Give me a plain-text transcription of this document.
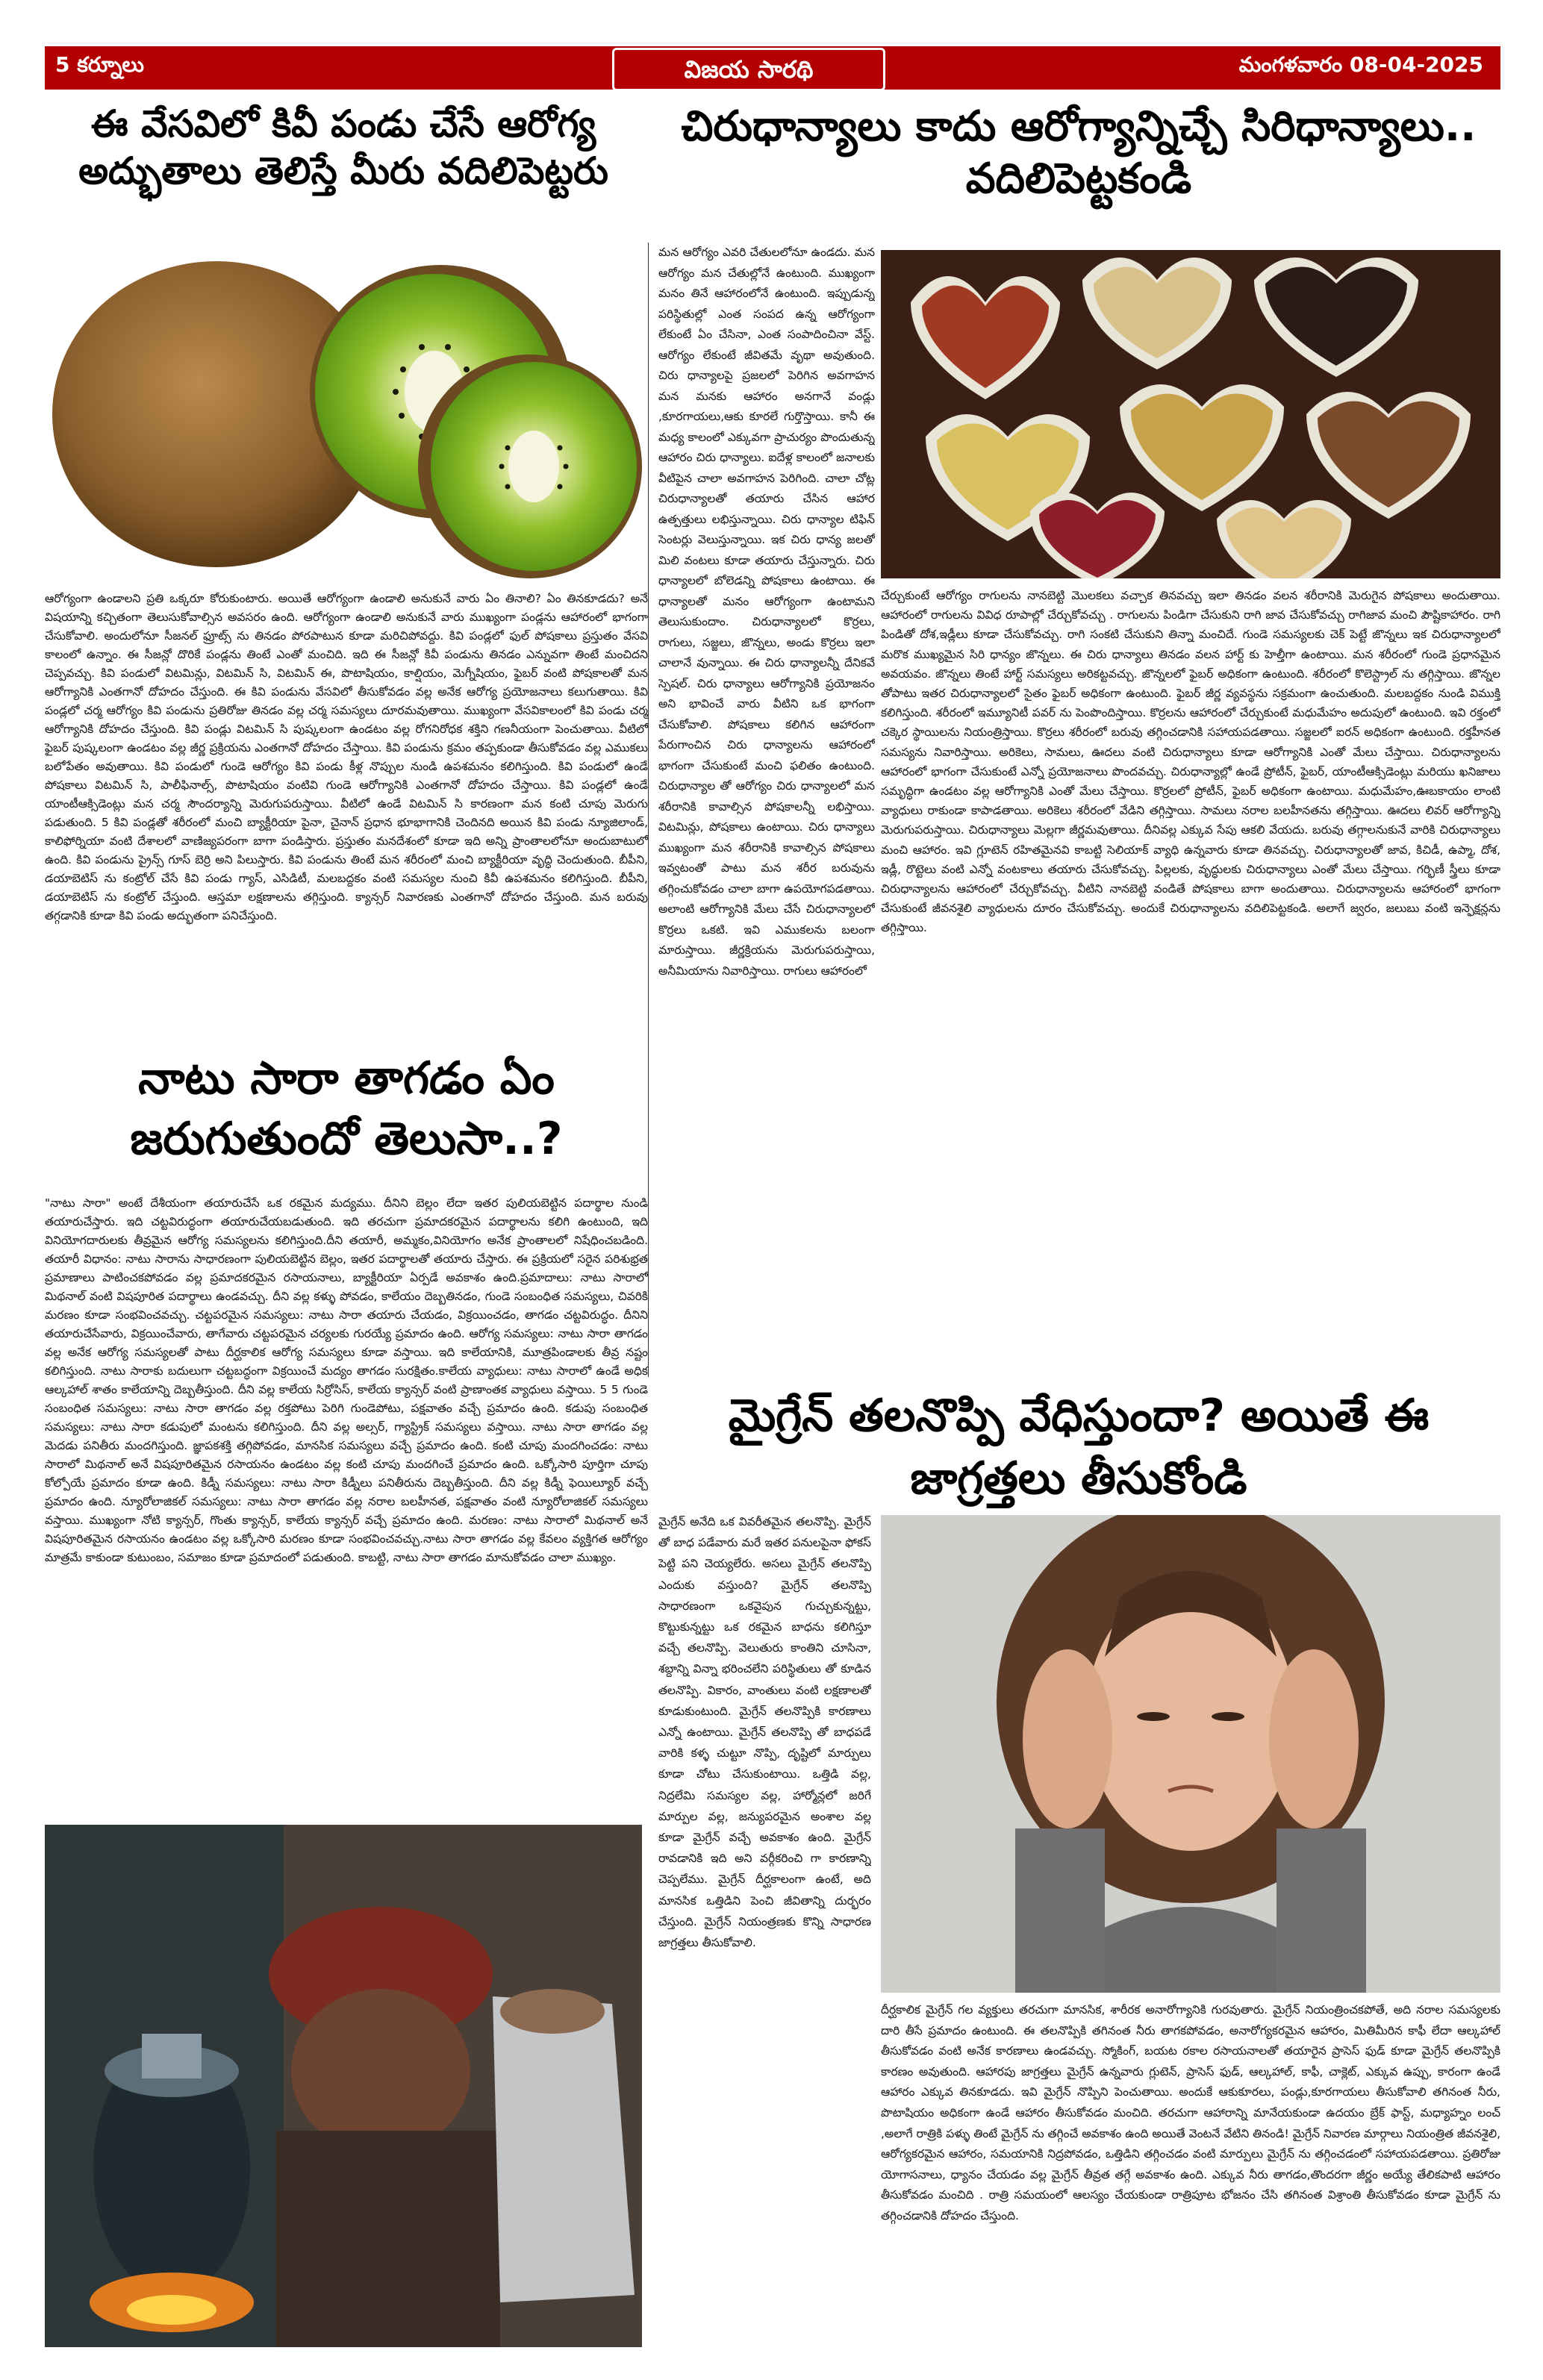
5 కర్నూలు	విజయ సారథి	మంగళవారం 08-04-2025
ఈ వేసవిలో కివీ పండు చేసే ఆరోగ్య అద్భుతాలు తెలిస్తే మీరు వదిలిపెట్టరు
ఆరోగ్యంగా ఉండాలని ప్రతి ఒక్కరూ కోరుకుంటారు. అయితే ఆరోగ్యంగా ఉండాలి అనుకునే వారు ఏం తినాలి? ఏం తినకూడదు? అనే విషయాన్ని కచ్చితంగా తెలుసుకోవాల్సిన అవసరం ఉంది. ఆరోగ్యంగా ఉండాలి అనుకునే వారు ముఖ్యంగా పండ్లను ఆహారంలో భాగంగా చేసుకోవాలి. అందులోనూ సీజనల్ ఫ్రూట్స్ ను తినడం పోరపాటున కూడా మరిచిపోవద్దు. కివి పండ్లలో ఫుల్ పోషకాలు ప్రస్తుతం వేసవి కాలంలో ఉన్నాం. ఈ సీజన్లో దొరికే పండ్లను తింటే ఎంతో మంచిది. ఇది ఈ సీజన్లో కివీ పండును తినడం ఎన్నువగా తింటే మంచిదని చెప్పవచ్చు. కివి పండులో విటమిన్లు, విటమిన్ సి, విటమిన్ ఈ, పొటాషియం, కాల్షియం, మెగ్నీషియం, ఫైబర్ వంటి పోషకాలతో మన ఆరోగ్యానికి ఎంతగానో దోహదం చేస్తుంది. ఈ కివి పండును వేసవిలో తీసుకోవడం వల్ల అనేక ఆరోగ్య ప్రయోజనాలు కలుగుతాయి. కివి పండ్లలో చర్మ ఆరోగ్యం కివి పండును ప్రతిరోజు తినడం వల్ల చర్మ సమస్యలు దూరమవుతాయి. ముఖ్యంగా వేసవికాలంలో కివి పండు చర్మ ఆరోగ్యానికి దోహదం చేస్తుంది. కివి పండ్లు విటమిన్ సి పుష్కలంగా ఉండటం వల్ల రోగనిరోధక శక్తిని గణనీయంగా పెంచుతాయి. వీటిలో ఫైబర్ పుష్కలంగా ఉండటం వల్ల జీర్ణ ప్రక్రియను ఎంతగానో దోహదం చేస్తాయి. కివి పండును క్రమం తప్పకుండా తీసుకోవడం వల్ల ఎముకలు బలోపేతం అవుతాయి. కివి పండులో గుండె ఆరోగ్యం కివి పండు కీళ్ల నొప్పుల నుండి ఉపశమనం కలిగిస్తుంది. కివి పండులో ఉండే పోషకాలు విటమిన్ సి, పాలీఫినాల్స్, పొటాషియం వంటివి గుండె ఆరోగ్యానికి ఎంతగానో దోహదం చేస్తాయి. కివి పండ్లలో ఉండే యాంటీఆక్సిడెంట్లు మన చర్మ సౌందర్యాన్ని మెరుగుపరుస్తాయి. వీటిలో ఉండే విటమిన్ సి కారణంగా మన కంటి చూపు మెరుగు పడుతుంది. 5 కివి పండ్లతో శరీరంలో మంచి బ్యాక్టీరియా పైనా, చైనాన్ ప్రధాన భూభాగానికి చెందినది అయిన కివి పండు న్యూజిలాండ్, కాలిఫోర్నియా వంటి దేశాలలో వాణిజ్యపరంగా బాగా పండిస్తారు. ప్రస్తుతం మనదేశంలో కూడా ఇది అన్ని ప్రాంతాలలోనూ అందుబాటులో ఉంది. కివి పండును ప్రైన్స్ గూస్ బెర్రి అని పిలుస్తారు. కివి పండును తింటే మన శరీరంలో మంచి బ్యాక్టీరియా వృద్ధి చెందుతుంది. బీపీని, డయాబెటిస్ ను కంట్రోల్ చేసే కివి పండు గ్యాస్, ఎసిడిటీ, మలబద్దకం వంటి సమస్యల నుంచి కివీ ఉపశమనం కలిగిస్తుంది. బీపీని, డయాబెటిస్ ను కంట్రోల్ చేస్తుంది. ఆస్తమా లక్షణాలను తగ్గిస్తుంది. క్యాన్సర్ నివారణకు ఎంతగానో దోహదం చేస్తుంది. మన బరువు తగ్గడానికి కూడా కివి పండు అద్భుతంగా పనిచేస్తుంది.
నాటు సారా తాగడం ఏం జరుగుతుందో తెలుసా..?
"నాటు సారా" అంటే దేశీయంగా తయారుచేసే ఒక రకమైన మద్యము. దీనిని బెల్లం లేదా ఇతర పులియబెట్టిన పదార్థాల నుండి తయారుచేస్తారు. ఇది చట్టవిరుద్ధంగా తయారుచేయబడుతుంది. ఇది తరచుగా ప్రమాదకరమైన పదార్థాలను కలిగి ఉంటుంది, ఇది వినియోగదారులకు తీవ్రమైన ఆరోగ్య సమస్యలను కలిగిస్తుంది.దీని తయారీ, అమ్మకం,వినియోగం అనేక ప్రాంతాలలో నిషేధించబడింది. తయారీ విధానం: నాటు సారాను సాధారణంగా పులియబెట్టిన బెల్లం, ఇతర పదార్థాలతో తయారు చేస్తారు. ఈ ప్రక్రియలో సరైన పరిశుభ్రత ప్రమాణాలు పాటించకపోవడం వల్ల ప్రమాదకరమైన రసాయనాలు, బ్యాక్టీరియా ఏర్పడే అవకాశం ఉంది.ప్రమాదాలు: నాటు సారాలో మిథనాల్ వంటి విషపూరిత పదార్థాలు ఉండవచ్చు. దీని వల్ల కళ్ళు పోవడం, కాలేయం దెబ్బతినడం, గుండె సంబంధిత సమస్యలు, చివరికి మరణం కూడా సంభవించవచ్చు. చట్టపరమైన సమస్యలు: నాటు సారా తయారు చేయడం, విక్రయించడం, తాగడం చట్టవిరుద్ధం. దీనిని తయారుచేసేవారు, విక్రయించేవారు, తాగేవారు చట్టపరమైన చర్యలకు గురయ్యే ప్రమాదం ఉంది. ఆరోగ్య సమస్యలు: నాటు సారా తాగడం వల్ల అనేక ఆరోగ్య సమస్యలతో పాటు దీర్ఘకాలిక ఆరోగ్య సమస్యలు కూడా వస్తాయి. ఇది కాలేయానికి, మూత్రపిండాలకు తీవ్ర నష్టం కలిగిస్తుంది. నాటు సారాకు బదులుగా చట్టబద్ధంగా విక్రయించే మద్యం తాగడం సురక్షితం.కాలేయ వ్యాధులు: నాటు సారాలో ఉండే అధిక ఆల్కహాల్ శాతం కాలేయాన్ని దెబ్బతీస్తుంది. దీని వల్ల కాలేయ సిర్రోసిస్, కాలేయ క్యాన్సర్ వంటి ప్రాణాంతక వ్యాధులు వస్తాయి. 5 5 గుండె సంబంధిత సమస్యలు: నాటు సారా తాగడం వల్ల రక్తపోటు పెరిగి గుండెపోటు, పక్షవాతం వచ్చే ప్రమాదం ఉంది. కడుపు సంబంధిత సమస్యలు: నాటు సారా కడుపులో మంటను కలిగిస్తుంది. దీని వల్ల అల్సర్, గ్యాస్ట్రిక్ సమస్యలు వస్తాయి. నాటు సారా తాగడం వల్ల మెదడు పనితీరు మందగిస్తుంది. జ్ఞాపకశక్తి తగ్గిపోవడం, మానసిక సమస్యలు వచ్చే ప్రమాదం ఉంది. కంటి చూపు మందగించడం: నాటు సారాలో మిథనాల్ అనే విషపూరితమైన రసాయనం ఉండటం వల్ల కంటి చూపు మందగించే ప్రమాదం ఉంది. ఒక్కోసారి పూర్తిగా చూపు కోల్పోయే ప్రమాదం కూడా ఉంది. కిడ్నీ సమస్యలు: నాటు సారా కిడ్నీలు పనితీరును దెబ్బతీస్తుంది. దీని వల్ల కిడ్నీ ఫెయిల్యూర్ వచ్చే ప్రమాదం ఉంది. న్యూరోలాజికల్ సమస్యలు: నాటు సారా తాగడం వల్ల నరాల బలహీనత, పక్షవాతం వంటి న్యూరోలాజికల్ సమస్యలు వస్తాయి. ముఖ్యంగా నోటి క్యాన్సర్, గొంతు క్యాన్సర్, కాలేయ క్యాన్సర్ వచ్చే ప్రమాదం ఉంది. మరణం: నాటు సారాలో మిథనాల్ అనే విషపూరితమైన రసాయనం ఉండటం వల్ల ఒక్కోసారి మరణం కూడా సంభవించవచ్చు.నాటు సారా తాగడం వల్ల కేవలం వ్యక్తిగత ఆరోగ్యం మాత్రమే కాకుండా కుటుంబం, సమాజం కూడా ప్రమాదంలో పడుతుంది. కాబట్టి, నాటు సారా తాగడం మానుకోవడం చాలా ముఖ్యం.
చిరుధాన్యాలు కాదు ఆరోగ్యాన్నిచ్చే సిరిధాన్యాలు.. వదిలిపెట్టకండి
మన ఆరోగ్యం ఎవరి చేతులలోనూ ఉండదు. మన ఆరోగ్యం మన చేతుల్లోనే ఉంటుంది. ముఖ్యంగా మనం తినే ఆహారంలోనే ఉంటుంది. ఇప్పుడున్న పరిస్థితుల్లో ఎంత సంపద ఉన్న ఆరోగ్యంగా లేకుంటే ఏం చేసినా, ఎంత సంపాదించినా వేస్ట్. ఆరోగ్యం లేకుంటే జీవితమే వృథా అవుతుంది. చిరు ధాన్యాలపై ప్రజలలో పెరిగిన అవగాహన మన మనకు ఆహారం అనగానే వండ్లు ,కూరగాయలు,ఆకు కూరలే గుర్తొస్తాయి. కానీ ఈ మధ్య కాలంలో ఎక్కువగా ప్రాచుర్యం పొందుతున్న ఆహారం చిరు ధాన్యాలు. ఐదేళ్ల కాలంలో జనాలకు వీటిపైన చాలా అవగాహన పెరిగింది. చాలా చోట్ల చిరుధాన్యాలతో తయారు చేసిన ఆహార ఉత్పత్తులు లభిస్తున్నాయి. చిరు ధాన్యాల టిఫిన్ సెంటర్లు వెలుస్తున్నాయి. ఇక చిరు ధాన్య జలతో మిలి వంటలు కూడా తయారు చేస్తున్నారు. చిరు ధాన్యాలలో బోలెడన్ని పోషకాలు ఉంటాయి. ఈ ధాన్యాలతో మనం ఆరోగ్యంగా ఉంటామని తెలుసుకుందాం. చిరుధాన్యాలలో కొర్రలు, రాగులు, సజ్జలు, జొన్నలు, అండు కొర్రలు ఇలా చాలానే వున్నాయి. ఈ చిరు ధాన్యాలన్నీ దేనికవే స్పెషల్. చిరు ధాన్యాలు ఆరోగ్యానికి ప్రయోజనం అని భావించే వారు వీటిని ఒక భాగంగా చేసుకోవాలి. పోషకాలు కలిగిన ఆహారంగా పేరుగాంచిన చిరు ధాన్యాలను ఆహారంలో భాగంగా చేసుకుంటే మంచి ఫలితం ఉంటుంది. చిరుధాన్యాల తో ఆరోగ్యం చిరు ధాన్యాలలో మన శరీరానికి కావాల్సిన పోషకాలన్నీ లభిస్తాయి. విటమిన్లు, పోషకాలు ఉంటాయి. చిరు ధాన్యాలు ముఖ్యంగా మన శరీరానికి కావాల్సిన పోషకాలు ఇవ్వటంతో పాటు మన శరీర బరువును తగ్గించుకోవడం చాలా బాగా ఉపయోగపడతాయి. అలాంటి ఆరోగ్యానికి మేలు చేసే చిరుధాన్యాలలో కొర్రలు ఒకటి. ఇవి ఎముకలను బలంగా మారుస్తాయి. జీర్ణక్రియను మెరుగుపరుస్తాయి, అనీమియాను నివారిస్తాయి. రాగులు ఆహారంలో
చేర్చుకుంటే ఆరోగ్యం రాగులను నానబెట్టి మొలకలు వచ్చాక తినవచ్చు ఇలా తినడం వలన శరీరానికి మెరుగైన పోషకాలు అందుతాయి. ఆహారంలో రాగులను వివిధ రూపాల్లో చేర్చుకోవచ్చు . రాగులను పిండిగా చేసుకుని రాగి జావ చేసుకోవచ్చు రాగిజావ మంచి పౌష్టికాహారం. రాగి పిండితో దోశ,ఇడ్లీలు కూడా చేసుకోవచ్చు. రాగి సంకటి చేసుకుని తిన్నా మంచిదే. గుండె సమస్యలకు చెక్ పెట్టే జొన్నలు ఇక చిరుధాన్యాలలో మరొక ముఖ్యమైన సిరి ధాన్యం జొన్నలు. ఈ చిరు ధాన్యాలు తినడం వలన హార్ట్ కు హెల్తీగా ఉంటాయి. మన శరీరంలో గుండె ప్రధానమైన అవయవం. జొన్నలు తింటే హార్ట్ సమస్యలు అరికట్టవచ్చు. జొన్నలలో ఫైబర్ అధికంగా ఉంటుంది. శరీరంలో కొలెస్ట్రాల్ ను తగ్గిస్తాయి. జొన్నల తోపాటు ఇతర చిరుధాన్యాలలో సైతం ఫైబర్ అధికంగా ఉంటుంది. ఫైబర్ జీర్ణ వ్యవస్థను సక్రమంగా ఉంచుతుంది. మలబద్దకం నుండి విముక్తి కలిగిస్తుంది. శరీరంలో ఇమ్యూనిటీ పవర్ ను పెంపొందిస్తాయి. కొర్రలను ఆహారంలో చేర్చుకుంటే మధుమేహం అదుపులో ఉంటుంది. ఇవి రక్తంలో చక్కెర స్థాయిలను నియంత్రిస్తాయి. కొర్రలు శరీరంలో బరువు తగ్గించడానికి సహాయపడతాయి. సజ్జలలో ఐరన్ అధికంగా ఉంటుంది. రక్తహీనత సమస్యను నివారిస్తాయి. అరికెలు, సామలు, ఊదలు వంటి చిరుధాన్యాలు కూడా ఆరోగ్యానికి ఎంతో మేలు చేస్తాయి. చిరుధాన్యాలను ఆహారంలో భాగంగా చేసుకుంటే ఎన్నో ప్రయోజనాలు పొందవచ్చు. చిరుధాన్యాల్లో ఉండే ప్రోటీన్, ఫైబర్, యాంటీఆక్సిడెంట్లు మరియు ఖనిజాలు సమృద్ధిగా ఉండటం వల్ల ఆరోగ్యానికి ఎంతో మేలు చేస్తాయి. కొర్రలలో ప్రోటీన్, ఫైబర్ అధికంగా ఉంటాయి. మధుమేహం,ఊబకాయం లాంటి వ్యాధులు రాకుండా కాపాడతాయి. అరికెలు శరీరంలో వేడిని తగ్గిస్తాయి. సామలు నరాల బలహీనతను తగ్గిస్తాయి. ఊదలు లివర్ ఆరోగ్యాన్ని మెరుగుపరుస్తాయి. చిరుధాన్యాలు మెల్లగా జీర్ణమవుతాయి. దీనివల్ల ఎక్కువ సేపు ఆకలి వేయదు. బరువు తగ్గాలనుకునే వారికి చిరుధాన్యాలు మంచి ఆహారం. ఇవి గ్లూటెన్ రహితమైనవి కాబట్టి సెలియాక్ వ్యాధి ఉన్నవారు కూడా తినవచ్చు. చిరుధాన్యాలతో జావ, కిచిడీ, ఉప్మా, దోశ, ఇడ్లీ, రొట్టెలు వంటి ఎన్నో వంటకాలు తయారు చేసుకోవచ్చు. పిల్లలకు, వృద్ధులకు చిరుధాన్యాలు ఎంతో మేలు చేస్తాయి. గర్భిణీ స్త్రీలు కూడా చిరుధాన్యాలను ఆహారంలో చేర్చుకోవచ్చు. వీటిని నానబెట్టి వండితే పోషకాలు బాగా అందుతాయి. చిరుధాన్యాలను ఆహారంలో భాగంగా చేసుకుంటే జీవనశైలి వ్యాధులను దూరం చేసుకోవచ్చు. అందుకే చిరుధాన్యాలను వదిలిపెట్టకండి. అలాగే జ్వరం, జలుబు వంటి ఇన్ఫెక్షన్లను తగ్గిస్తాయి.
మైగ్రేన్ తలనొప్పి వేధిస్తుందా? అయితే ఈ జాగ్రత్తలు తీసుకోండి
మైగ్రేన్ అనేది ఒక వివరీతమైన తలనొప్పి. మైగ్రేన్ తో బాధ పడేవారు మరే ఇతర పనులపైనా ఫోకస్ పెట్టి పని చెయ్యలేరు. అసలు మైగ్రేన్ తలనొప్పి ఎందుకు వస్తుంది? మైగ్రేన్ తలనొప్పి సాధారణంగా ఒకవైపున గుచ్చుకున్నట్టు, కొట్టుకున్నట్టు ఒక రకమైన బాధను కలిగిస్తూ వచ్చే తలనొప్పి. వెలుతురు కాంతిని చూసినా, శబ్దాన్ని విన్నా భరించలేని పరిస్థితులు తో కూడిన తలనొప్పి. వికారం, వాంతులు వంటి లక్షణాలతో కూడుకుంటుంది. మైగ్రేన్ తలనొప్పికి కారణాలు ఎన్నో ఉంటాయి. మైగ్రేన్ తలనొప్పి తో బాధపడే వారికి కళ్ళ చుట్టూ నొప్పి, దృష్టిలో మార్పులు కూడా చోటు చేసుకుంటాయి. ఒత్తిడి వల్ల, నిద్రలేమి సమస్యల వల్ల, హార్మోన్లలో జరిగే మార్పుల వల్ల, జన్యుపరమైన అంశాల వల్ల కూడా మైగ్రేన్ వచ్చే అవకాశం ఉంది. మైగ్రేన్ రావడానికి ఇది అని వర్గీకరించి గా కారణాన్ని చెప్పలేము. మైగ్రేన్ దీర్ఘకాలంగా ఉంటే, అది మానసిక ఒత్తిడిని పెంచి జీవితాన్ని దుర్భరం చేస్తుంది. మైగ్రేన్ నియంత్రణకు కొన్ని సాధారణ జాగ్రత్తలు తీసుకోవాలి.
దీర్ఘకాలిక మైగ్రేన్ గల వ్యక్తులు తరచుగా మానసిక, శారీరక అనారోగ్యానికి గురవుతారు. మైగ్రేన్ నియంత్రించకపోతే, అది నరాల సమస్యలకు దారి తీసే ప్రమాదం ఉంటుంది. ఈ తలనొప్పికి తగినంత నీరు తాగకపోవడం, అనారోగ్యకరమైన ఆహారం, మితిమీరిన కాఫీ లేదా ఆల్కహాల్ తీసుకోవడం వంటి అనేక కారణాలు ఉండవచ్చు. స్మోకింగ్, బయట రకాల రసాయనాలతో తయారైన ప్రాసెస్ ఫుడ్ కూడా మైగ్రేన్ తలనొప్పికి కారణం అవుతుంది. ఆహారపు జాగ్రత్తలు మైగ్రేన్ ఉన్నవారు గ్లుటెన్, ప్రాసెస్ ఫుడ్, ఆల్కహాల్, కాఫీ, చాక్లెట్, ఎక్కువ ఉప్పు, కారంగా ఉండే ఆహారం ఎక్కువ తినకూడదు. ఇవి మైగ్రేన్ నొప్పిని పెంచుతాయి. అందుకే ఆకుకూరలు, పండ్లు,కూరగాయలు తీసుకోవాలి తగినంత నీరు, పొటాషియం అధికంగా ఉండే ఆహారం తీసుకోవడం మంచిది. తరచుగా ఆహారాన్ని మానేయకుండా ఉదయం బ్రేక్ ఫాస్ట్, మధ్యాహ్నం లంచ్ ,అలాగే రాత్రికి పళ్ళు తింటే మైగ్రేన్ ను తగ్గించే అవకాశం ఉంది అయితే వెంటనే వేటిని తినండి! మైగ్రేన్ నివారణ మార్గాలు నియంత్రిత జీవనశైలి, ఆరోగ్యకరమైన ఆహారం, సమయానికి నిద్రపోవడం, ఒత్తిడిని తగ్గించడం వంటి మార్పులు మైగ్రేన్ ను తగ్గించడంలో సహాయపడతాయి. ప్రతిరోజు యోగాసనాలు, ధ్యానం చేయడం వల్ల మైగ్రేన్ తీవ్రత తగ్గే అవకాశం ఉంది. ఎక్కువ నీరు తాగడం,తొందరగా జీర్ణం అయ్యే తేలికపాటి ఆహారం తీసుకోవడం మంచిది . రాత్రి సమయంలో ఆలస్యం చేయకుండా రాత్రిపూట భోజనం చేసి తగినంత విశ్రాంతి తీసుకోవడం కూడా మైగ్రేన్ ను తగ్గించడానికి దోహదం చేస్తుంది.
